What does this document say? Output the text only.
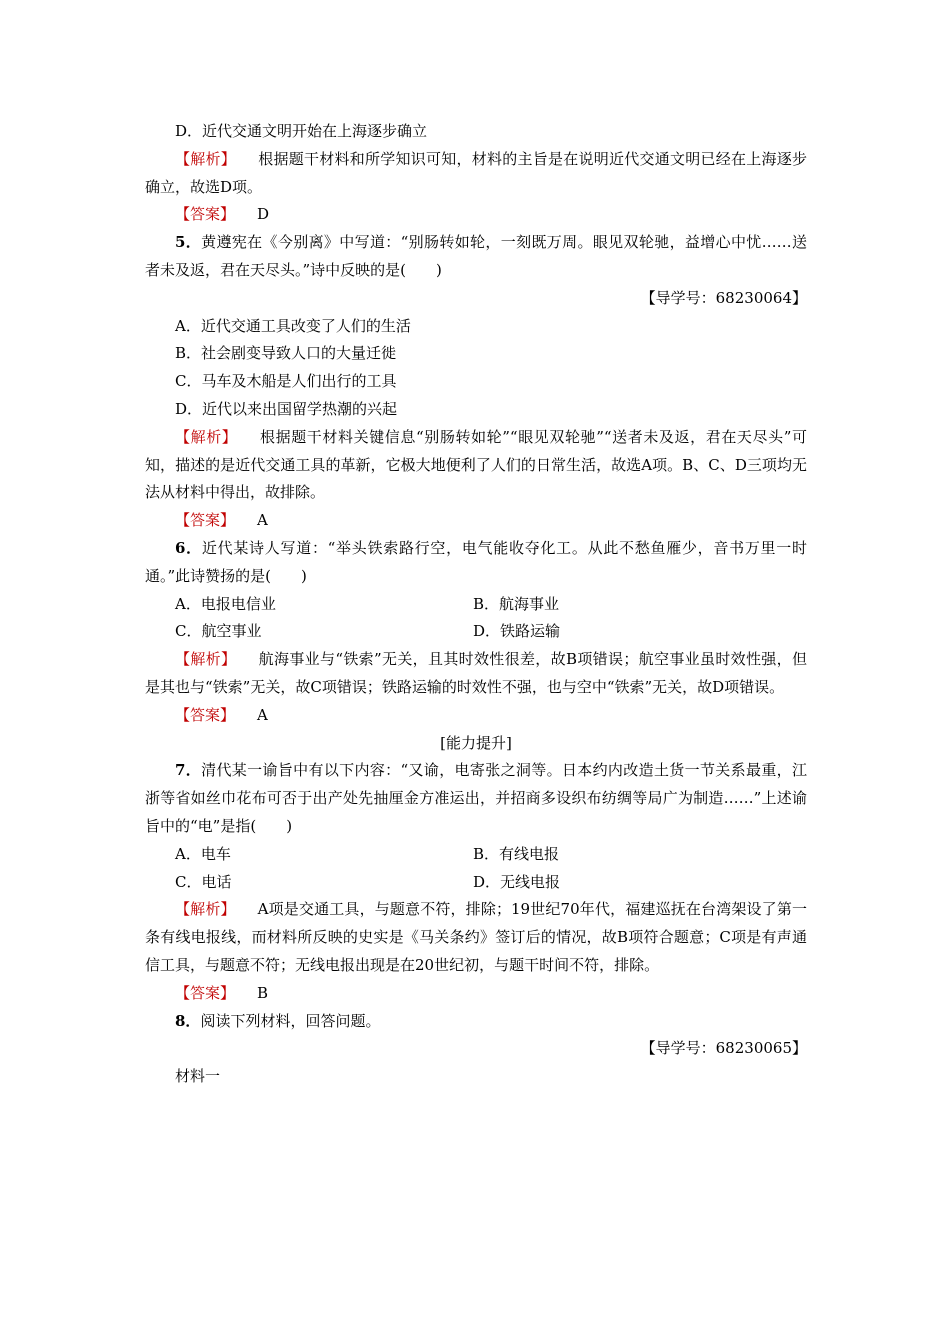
D．近代交通文明开始在上海逐步确立
【解析】 根据题干材料和所学知识可知，材料的主旨是在说明近代交通文明已经在上海逐步确立，故选D项。
【答案】 D
5．黄遵宪在《今别离》中写道：“别肠转如轮，一刻既万周。眼见双轮驰，益增心中忧……送者未及返，君在天尽头。”诗中反映的是(　　)
【导学号：68230064】
A．近代交通工具改变了人们的生活
B．社会剧变导致人口的大量迁徙
C．马车及木船是人们出行的工具
D．近代以来出国留学热潮的兴起
【解析】 根据题干材料关键信息“别肠转如轮”“眼见双轮驰”“送者未及返，君在天尽头”可知，描述的是近代交通工具的革新，它极大地便利了人们的日常生活，故选A项。B、C、D三项均无法从材料中得出，故排除。
【答案】 A
6．近代某诗人写道：“举头铁索路行空，电气能收夺化工。从此不愁鱼雁少，音书万里一时通。”此诗赞扬的是(　　)
A．电报电信业	B．航海事业
C．航空事业	D．铁路运输
【解析】 航海事业与“铁索”无关，且其时效性很差，故B项错误；航空事业虽时效性强，但是其也与“铁索”无关，故C项错误；铁路运输的时效性不强，也与空中“铁索”无关，故D项错误。
【答案】 A
[能力提升]
7．清代某一谕旨中有以下内容：“又谕，电寄张之洞等。日本约内改造土货一节关系最重，江浙等省如丝巾花布可否于出产处先抽厘金方准运出，并招商多设织布纺绸等局广为制造……”上述谕旨中的“电”是指(　　)
A．电车	B．有线电报
C．电话	D．无线电报
【解析】 A项是交通工具，与题意不符，排除；19世纪70年代，福建巡抚在台湾架设了第一条有线电报线，而材料所反映的史实是《马关条约》签订后的情况，故B项符合题意；C项是有声通信工具，与题意不符；无线电报出现是在20世纪初，与题干时间不符，排除。
【答案】 B
8．阅读下列材料，回答问题。
【导学号：68230065】
材料一
